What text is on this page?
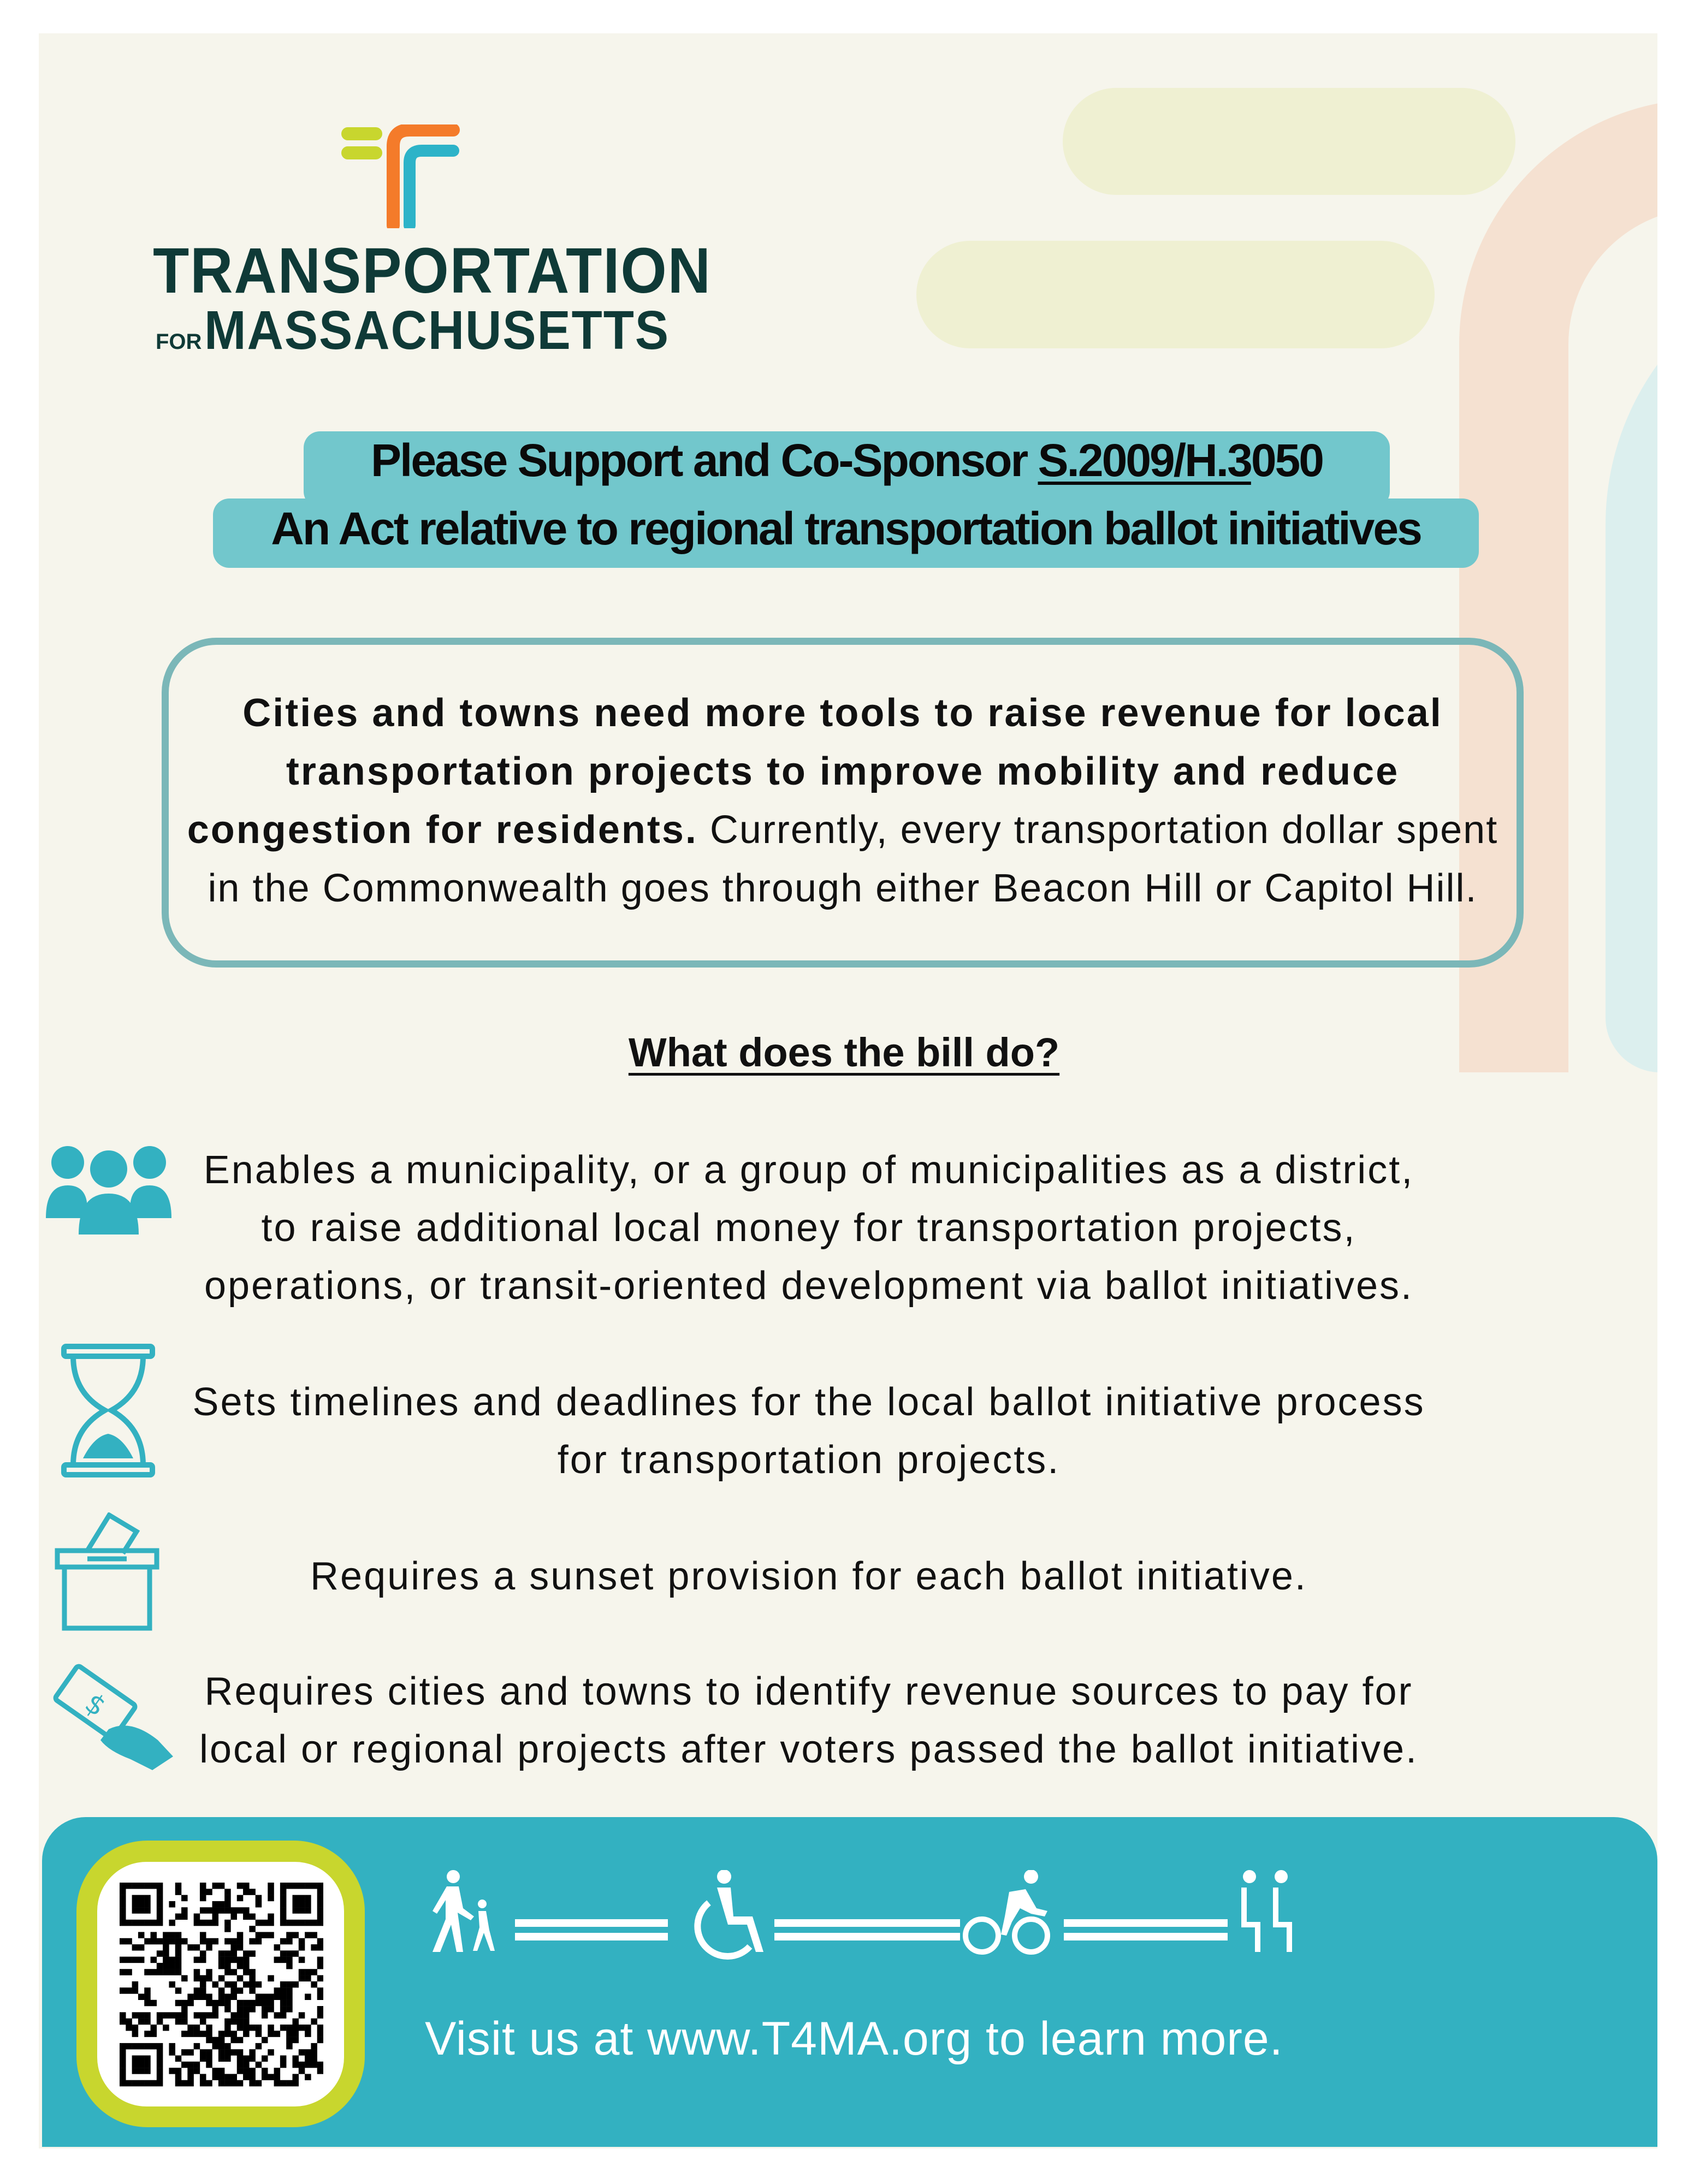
TRANSPORTATION
FOR MASSACHUSETTS
Please Support and Co-Sponsor S.2009/H.3050
An Act relative to regional transportation ballot initiatives
Cities and towns need more tools to raise revenue for local transportation projects to improve mobility and reduce congestion for residents. Currently, every transportation dollar spent in the Commonwealth goes through either Beacon Hill or Capitol Hill.
What does the bill do?
Enables a municipality, or a group of municipalities as a district,
to raise additional local money for transportation projects,
operations, or transit-oriented development via ballot initiatives.
Sets timelines and deadlines for the local ballot initiative process
for transportation projects.
Requires a sunset provision for each ballot initiative.
$	Requires cities and towns to identify revenue sources to pay for
local or regional projects after voters passed the ballot initiative.
Visit us at www.T4MA.org to learn more.
